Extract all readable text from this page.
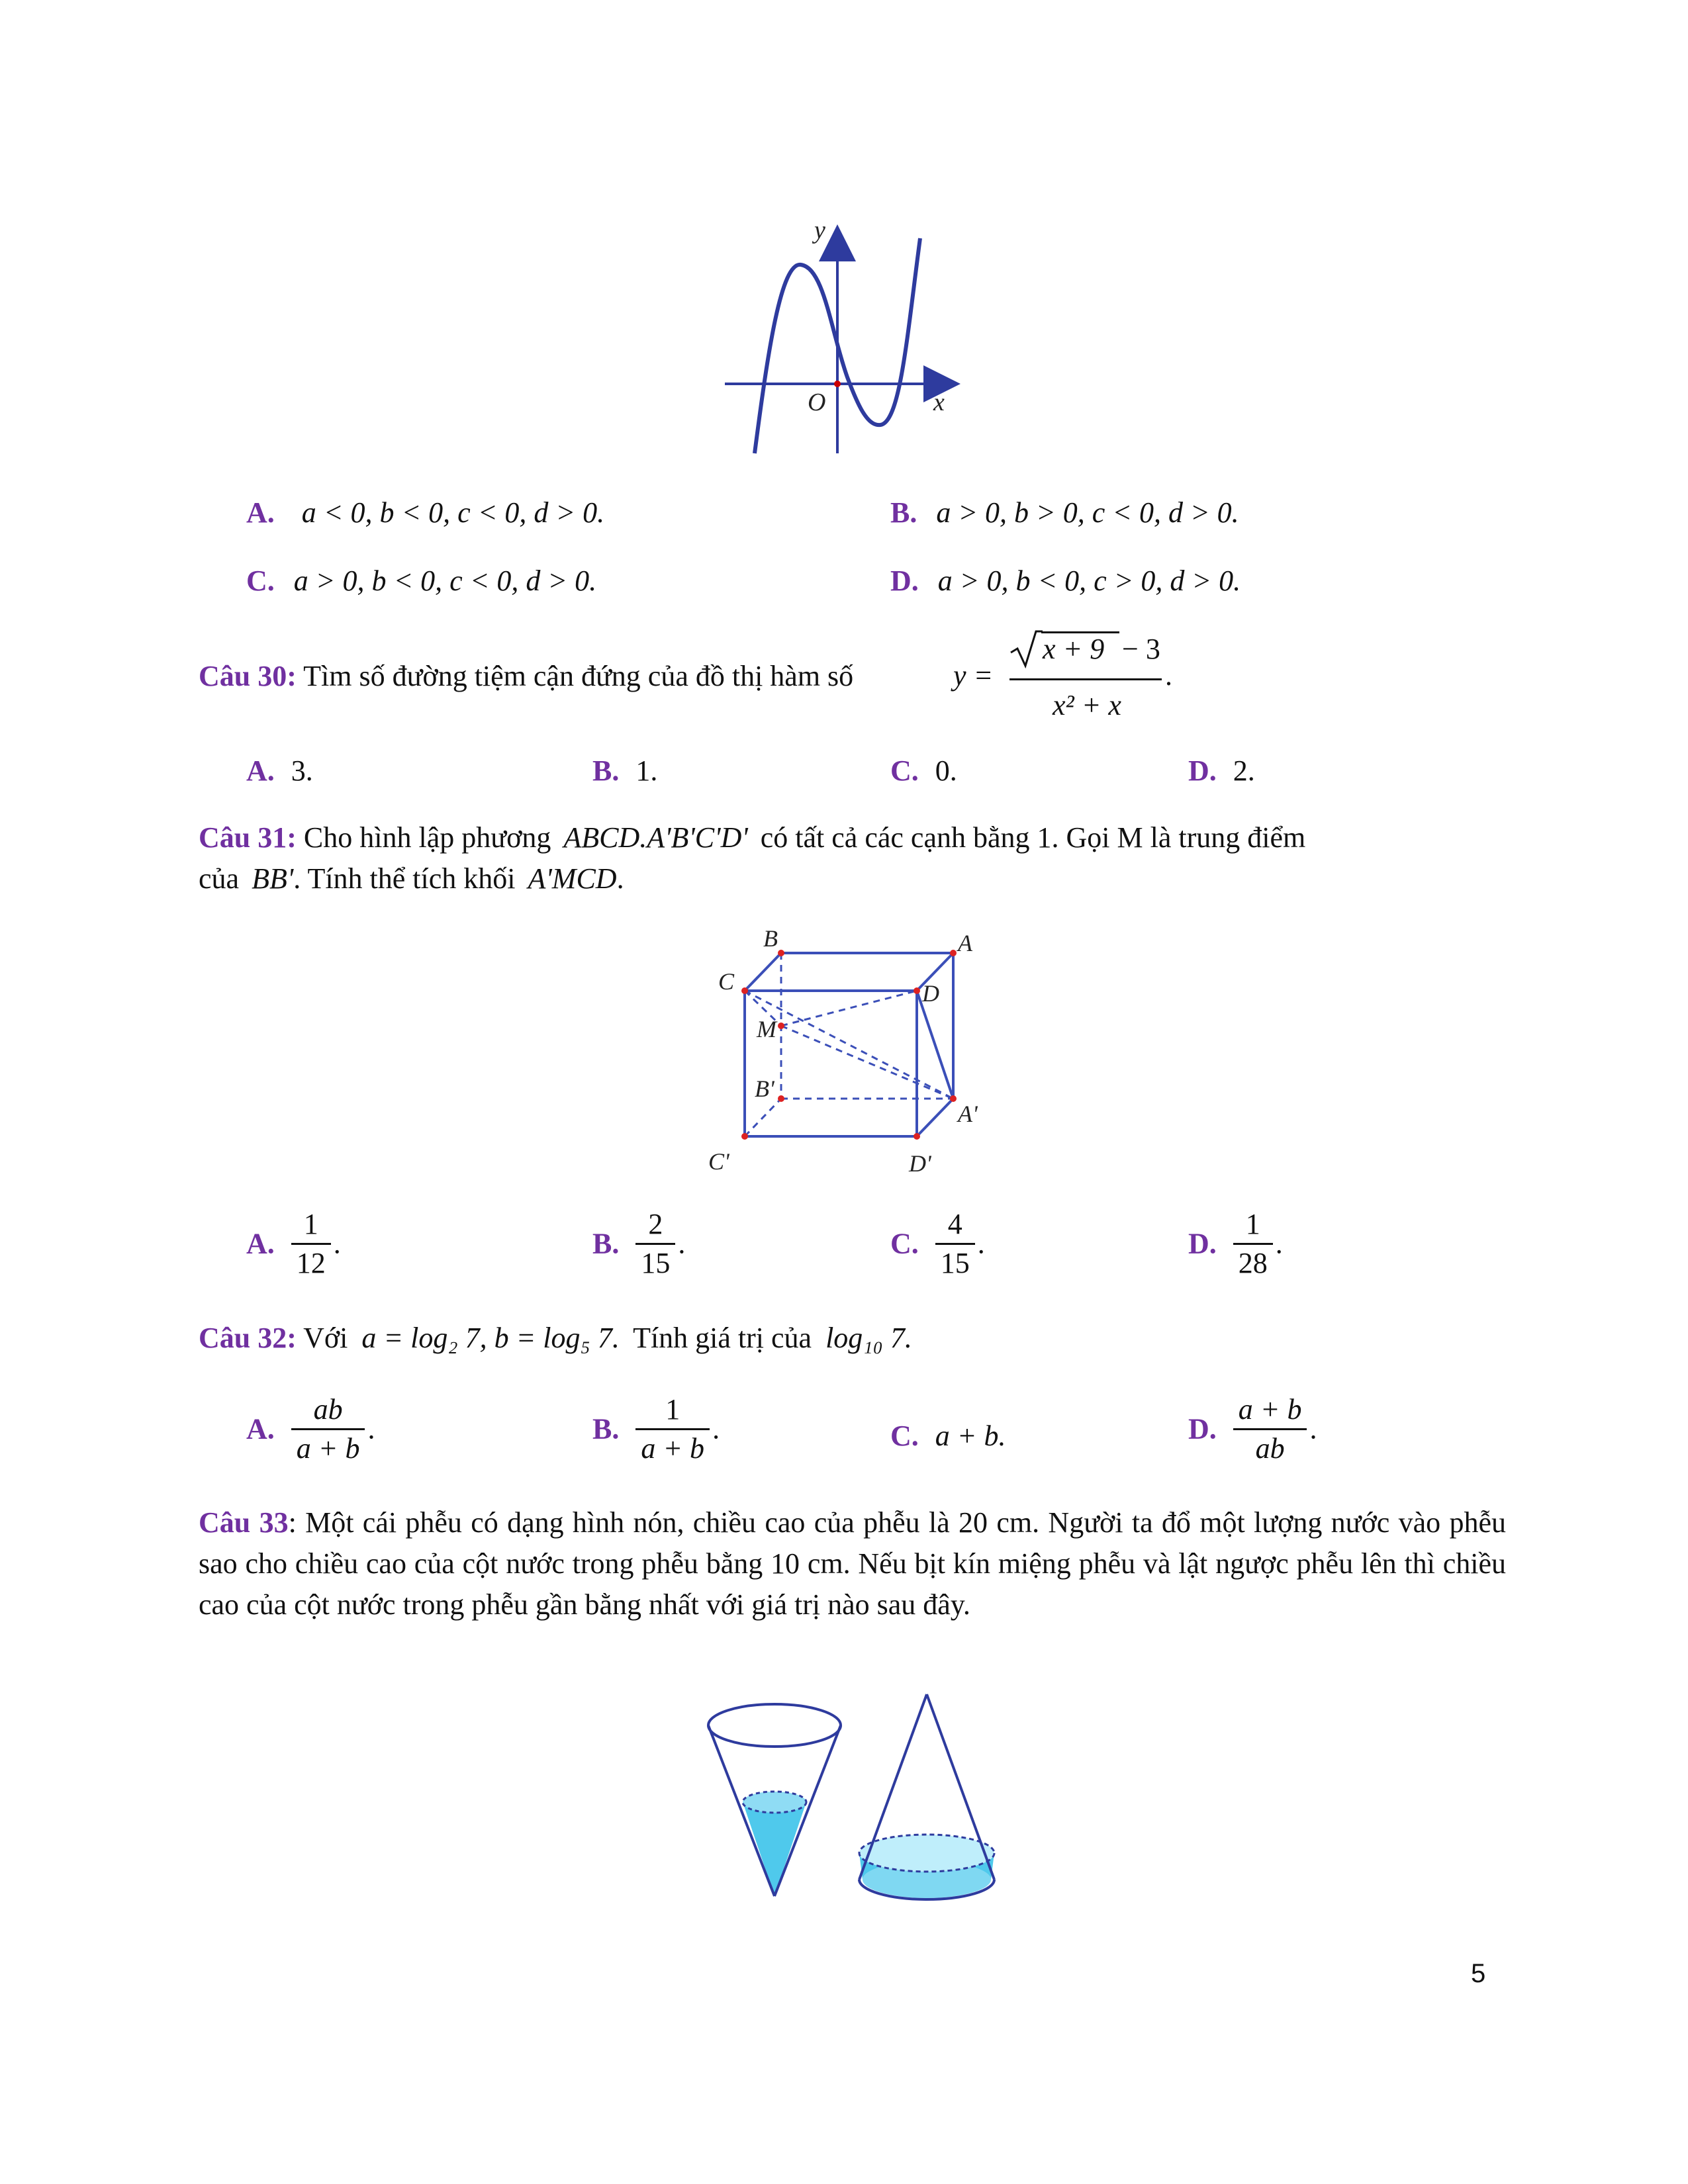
y
x
O
A. a < 0, b < 0, c < 0, d > 0.	B. a > 0, b > 0, c < 0, d > 0.
C. a > 0, b < 0, c < 0, d > 0.	D. a > 0, b < 0, c > 0, d > 0.
Câu 30: Tìm số đường tiệm cận đứng của đồ thị hàm số	y =
x + 9 − 3
x² + x
.
A. 3.	B. 1.	C. 0.	D. 2.
Câu 31: Cho hình lập phương ABCD.A'B'C'D' có tất cả các cạnh bằng 1. Gọi M là trung điểm
của BB'. Tính thể tích khối A'MCD.
B	A
C	D
M
B'
A'
C'	D'
A. $\frac{1}{12}$ .	B. $\frac{2}{15}$ .	C. $\frac{4}{15}$ .	D. $\frac{1}{28}$ .
Câu 32: Với a = log₂ 7, b = log₅ 7. Tính giá trị của log₁₀ 7.
A. $\frac{ab}{a + b}$ .	B. $\frac{1}{a + b}$ .	C. a + b.	D. $\frac{a + b}{ab}$ .
Câu 33: Một cái phễu có dạng hình nón, chiều cao của phễu là 20 cm. Người ta đổ một lượng nước vào phễu sao cho chiều cao của cột nước trong phễu bằng 10 cm. Nếu bịt kín miệng phễu và lật ngược phễu lên thì chiều cao của cột nước trong phễu gần bằng nhất với giá trị nào sau đây.
5
